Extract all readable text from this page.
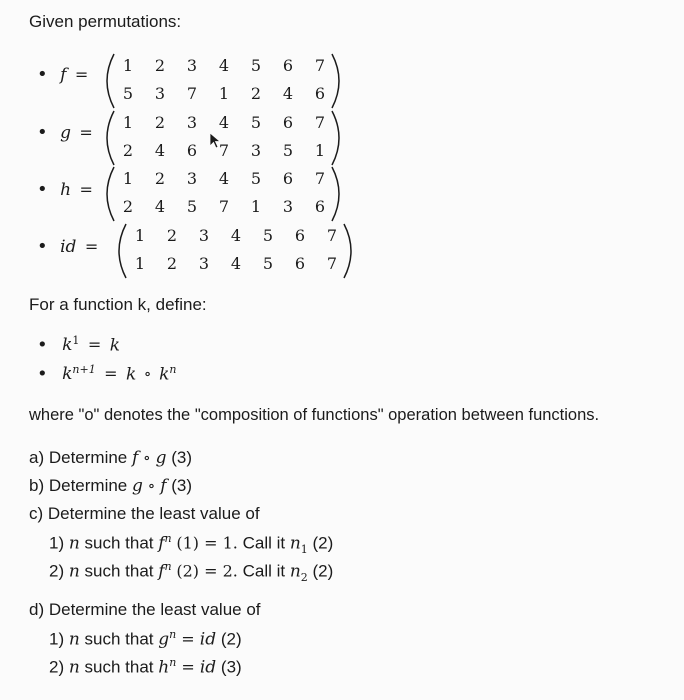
Given permutations:
• f =	1	2	3	4	5	6	7
5	3	7	1	2	4	6
• g =
1	2	3	4	5	6	7
2	4	6	7	3	5	1
• h =
1	2	3	4	5	6	7
2	4	5	7	1	3	6
• id =
1	2	3	4	5	6	7
1	2	3	4	5	6	7
For a function k, define:
• $k^1 = k$
• $k^{n+1} = k$ ∘ $k^n$
where "o" denotes the "composition of functions" operation between functions.
a) Determine f ∘ g (3)
b) Determine g ∘ f (3)
c) Determine the least value of
1) n such that $f^n$ (1) = 1. Call it $n_1$ (2)
2) n such that $f^n$ (2) = 2. Call it $n_2$ (2)
d) Determine the least value of
1) n such that $g^n$ = id (2)
2) n such that $h^n$ = id (3)
